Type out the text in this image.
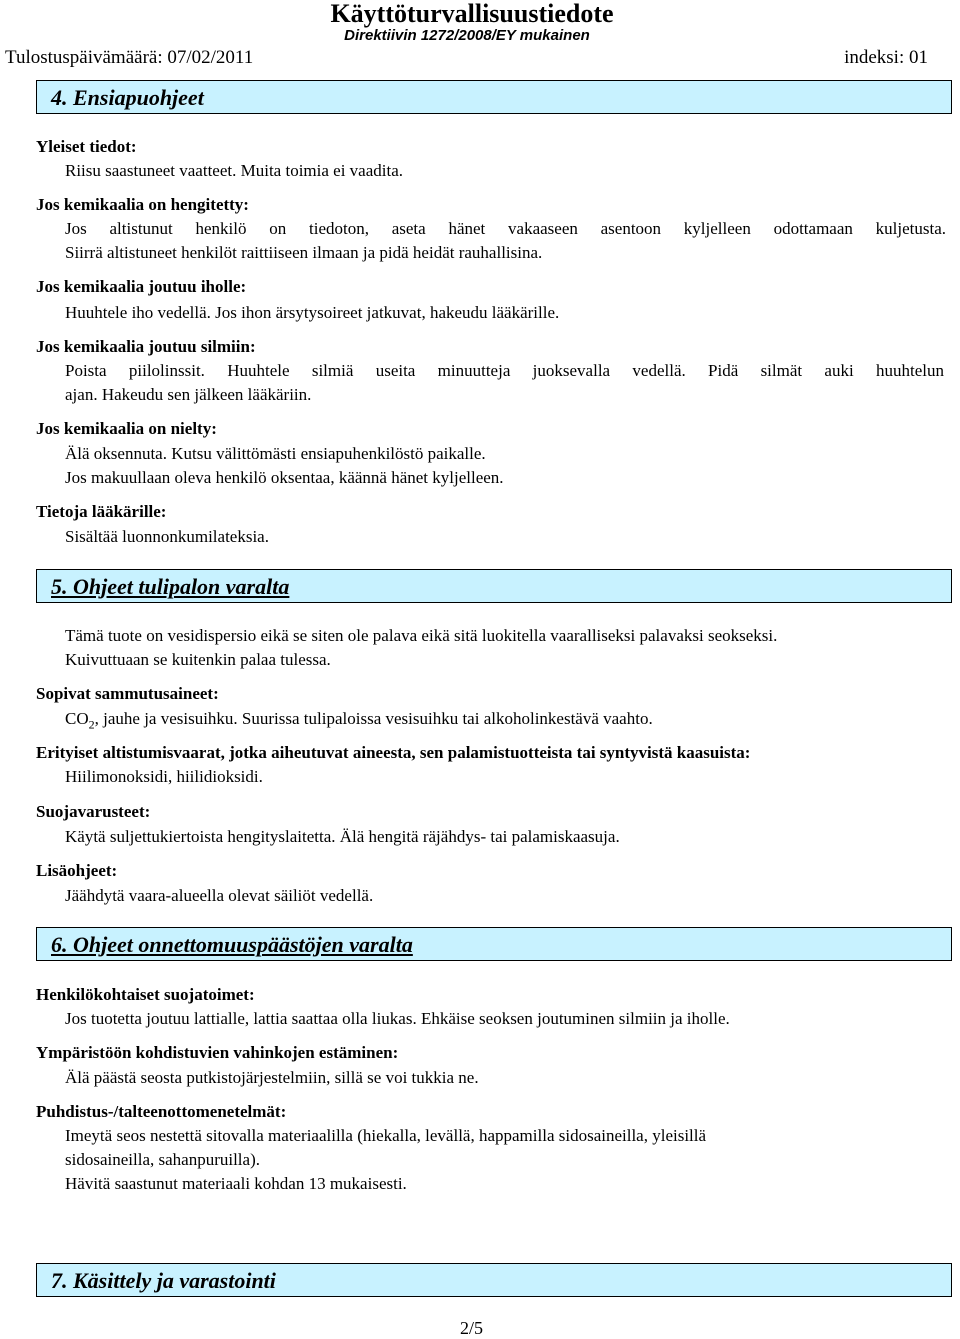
Käyttöturvallisuustiedote
Direktiivin 1272/2008/EY mukainen
Tulostuspäivämäärä: 07/02/2011	indeksi: 01
4. Ensiapuohjeet
Yleiset tiedot:
Riisu saastuneet vaatteet. Muita toimia ei vaadita.
Jos kemikaalia on hengitetty:
Jos altistunut henkilö on tiedoton, aseta hänet vakaaseen asentoon kyljelleen odottamaan kuljetusta.
Siirrä altistuneet henkilöt raittiiseen ilmaan ja pidä heidät rauhallisina.
Jos kemikaalia joutuu iholle:
Huuhtele iho vedellä. Jos ihon ärsytysoireet jatkuvat, hakeudu lääkärille.
Jos kemikaalia joutuu silmiin:
Poista piilolinssit. Huuhtele silmiä useita minuutteja juoksevalla vedellä. Pidä silmät auki huuhtelun
ajan. Hakeudu sen jälkeen lääkäriin.
Jos kemikaalia on nielty:
Älä oksennuta. Kutsu välittömästi ensiapuhenkilöstö paikalle.
Jos makuullaan oleva henkilö oksentaa, käännä hänet kyljelleen.
Tietoja lääkärille:
Sisältää luonnonkumilateksia.
5. Ohjeet tulipalon varalta
Tämä tuote on vesidispersio eikä se siten ole palava eikä sitä luokitella vaaralliseksi palavaksi seokseksi.
Kuivuttuaan se kuitenkin palaa tulessa.
Sopivat sammutusaineet:
$CO_2$, jauhe ja vesisuihku. Suurissa tulipaloissa vesisuihku tai alkoholinkestävä vaahto.
Erityiset altistumisvaarat, jotka aiheutuvat aineesta, sen palamistuotteista tai syntyvistä kaasuista:
Hiilimonoksidi, hiilidioksidi.
Suojavarusteet:
Käytä suljettukiertoista hengityslaitetta. Älä hengitä räjähdys- tai palamiskaasuja.
Lisäohjeet:
Jäähdytä vaara-alueella olevat säiliöt vedellä.
6. Ohjeet onnettomuuspäästöjen varalta
Henkilökohtaiset suojatoimet:
Jos tuotetta joutuu lattialle, lattia saattaa olla liukas. Ehkäise seoksen joutuminen silmiin ja iholle.
Ympäristöön kohdistuvien vahinkojen estäminen:
Älä päästä seosta putkistojärjestelmiin, sillä se voi tukkia ne.
Puhdistus-/talteenottomenetelmät:
Imeytä seos nestettä sitovalla materiaalilla (hiekalla, levällä, happamilla sidosaineilla, yleisillä
sidosaineilla, sahanpuruilla).
Hävitä saastunut materiaali kohdan 13 mukaisesti.
7. Käsittely ja varastointi
2/5
